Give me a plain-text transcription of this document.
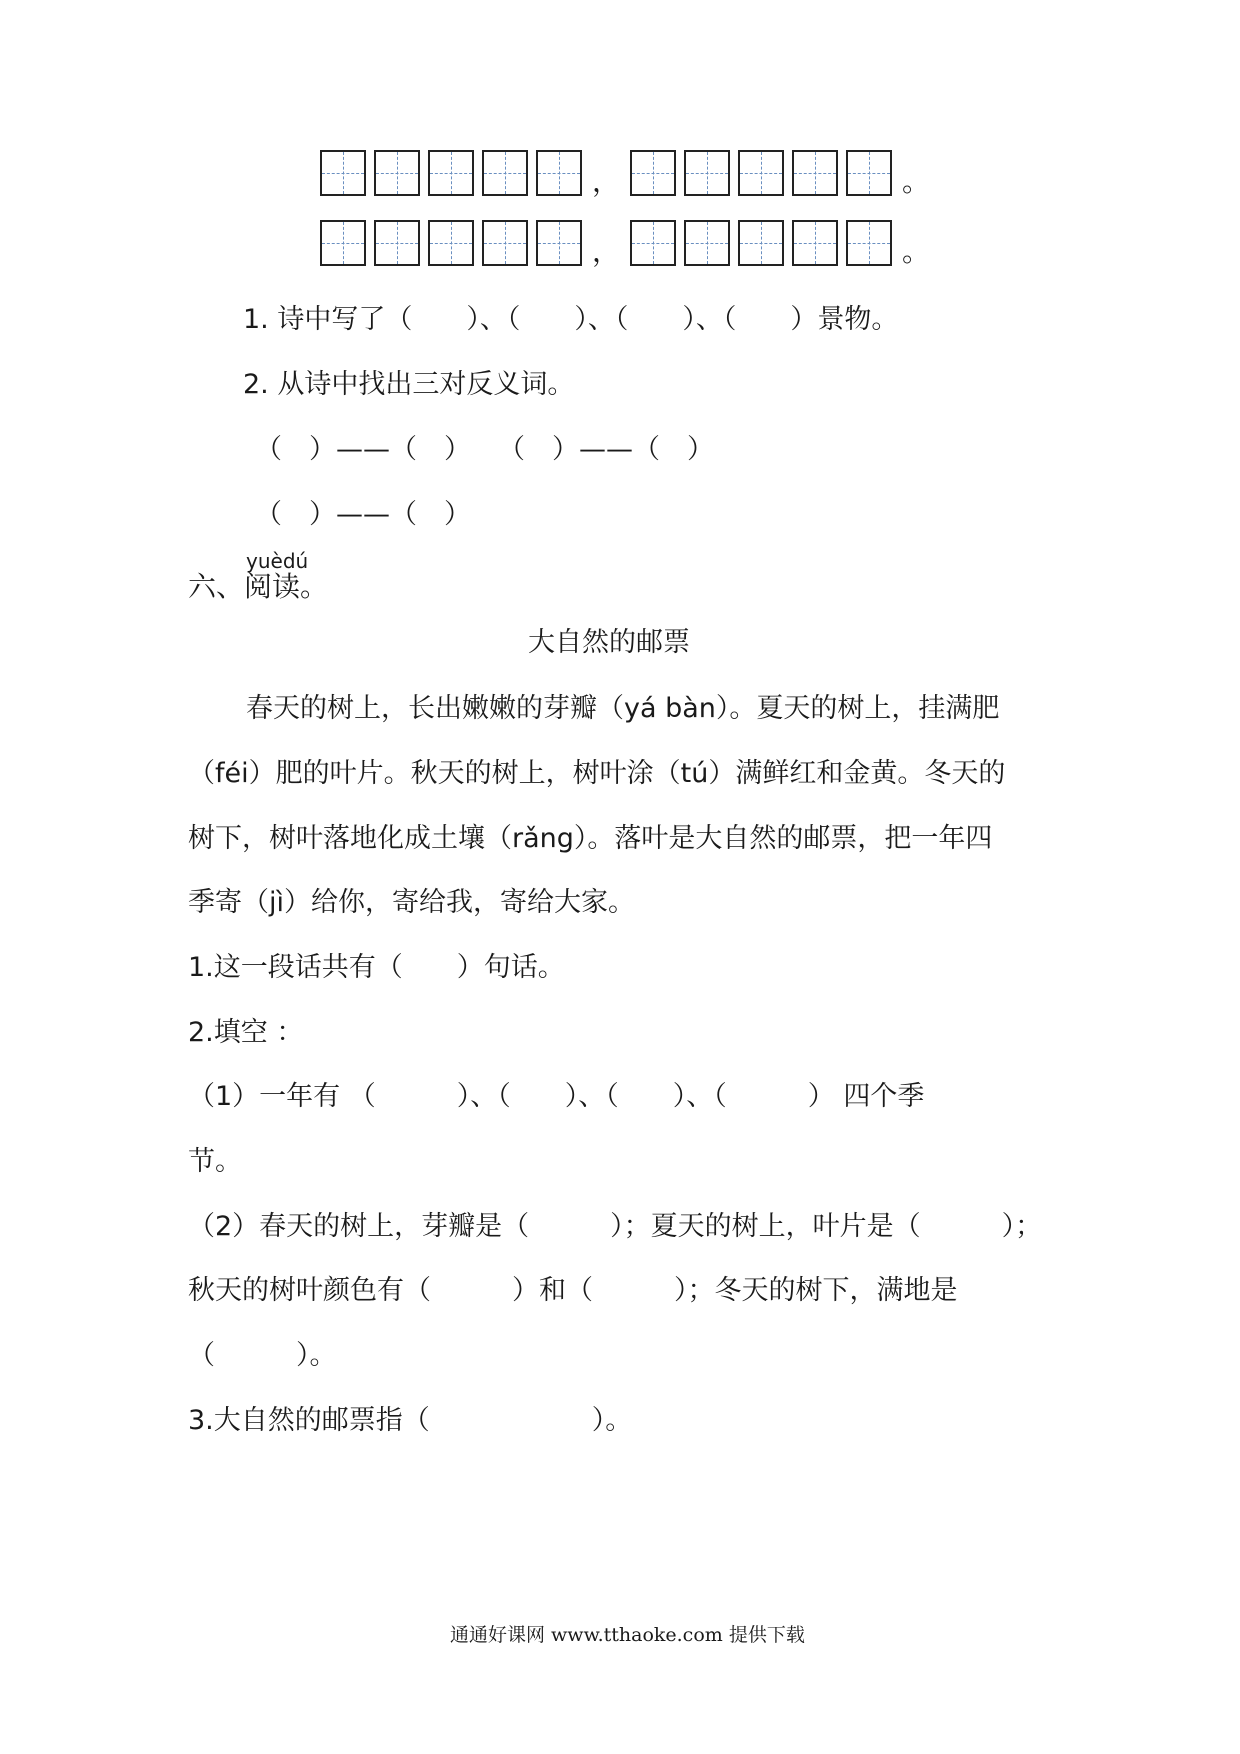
，	。
，	。
1. 诗中写了（　　）、（　　）、（　　）、（　　）景物。
2. 从诗中找出三对反义词。
（　）——（　）　　（　）——（　）
（　）——（　）
yuèdú
六、阅读。
大自然的邮票
春天的树上，长出嫩嫩的芽瓣（yá bàn）。夏天的树上，挂满肥
（féi）肥的叶片。秋天的树上，树叶涂（tú）满鲜红和金黄。冬天的
树下，树叶落地化成土壤（rǎng）。落叶是大自然的邮票，把一年四
季寄（jì）给你，寄给我，寄给大家。
1.这一段话共有（　　）句话。
2.填空 ：
（1）一年有 （　　　）、（　　）、（　　）、（　　　） 四个季
节。
（2）春天的树上，芽瓣是（　　　）；夏天的树上，叶片是（　　　）；
秋天的树叶颜色有（　　　）和（　　　）；冬天的树下，满地是
（　　　）。
3.大自然的邮票指（　　　　　　）。
通通好课网 www.tthaoke.com 提供下载
